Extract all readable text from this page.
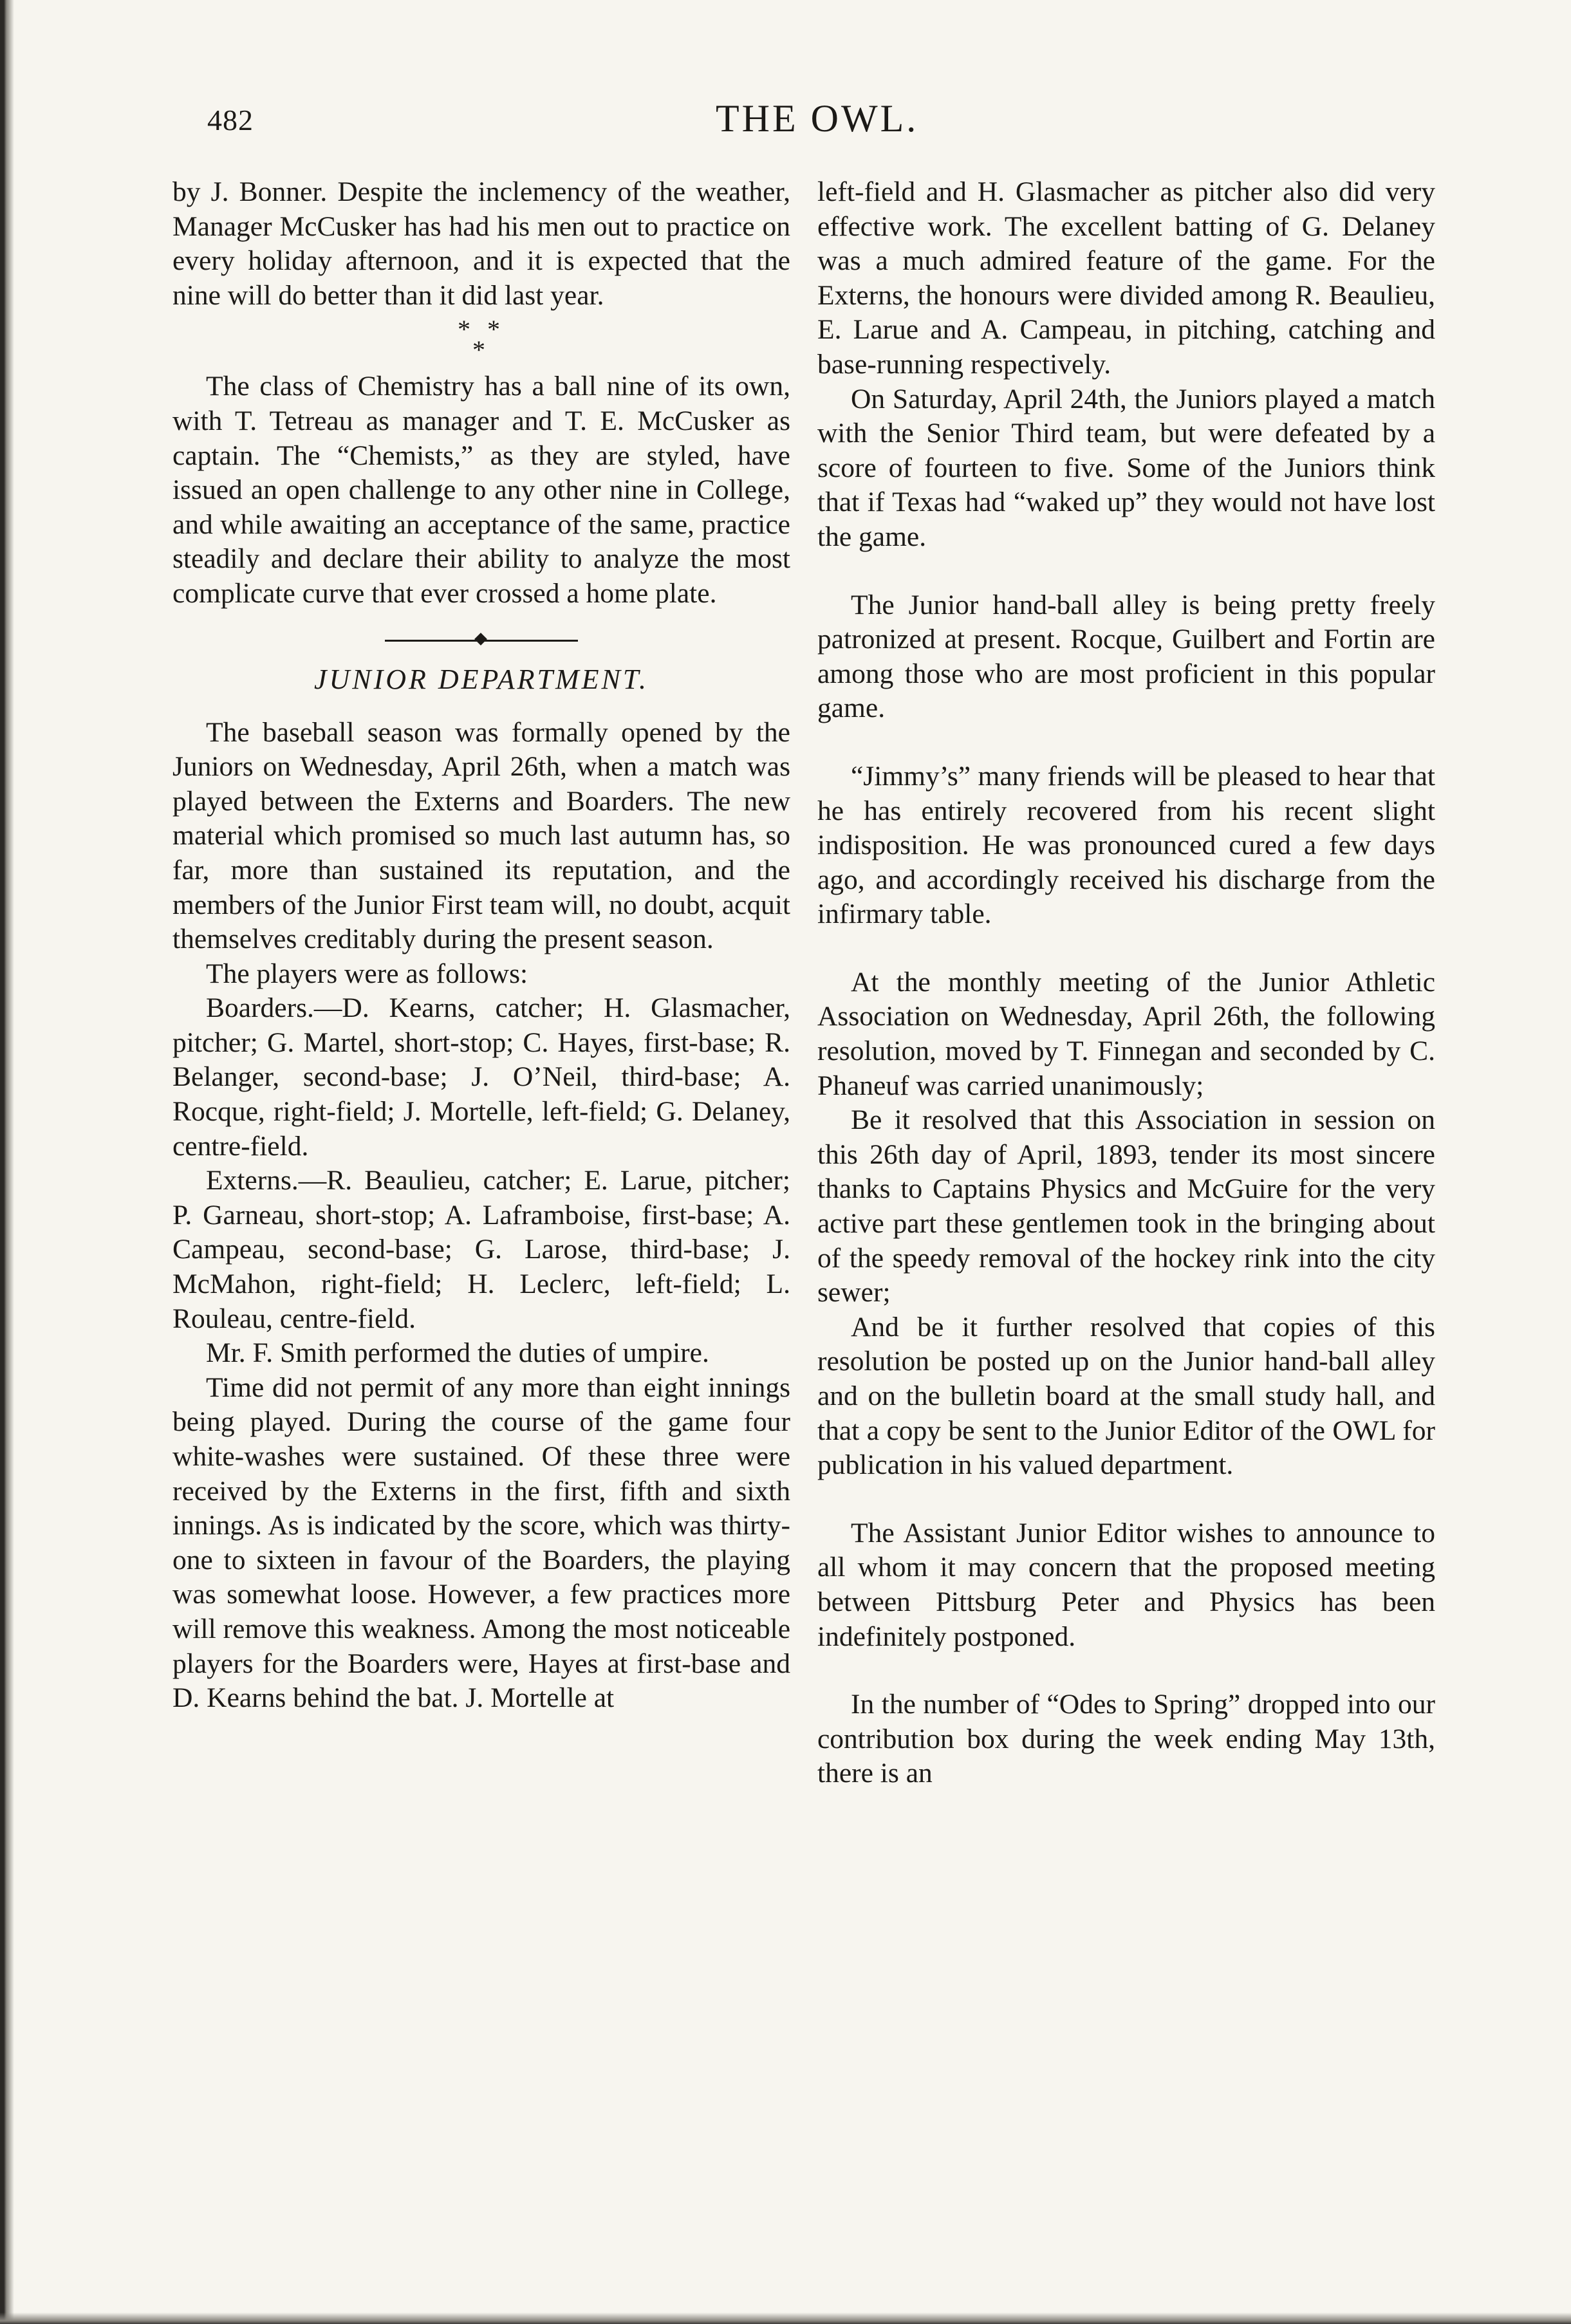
482	THE OWL.

by J. Bonner. Despite the inclemency of the weather, Manager McCusker has had his men out to practice on every holiday afternoon, and it is expected that the nine will do better than it did last year.

* *
*

The class of Chemistry has a ball nine of its own, with T. Tetreau as manager and T. E. McCusker as captain. The “Chemists,” as they are styled, have issued an open challenge to any other nine in College, and while awaiting an acceptance of the same, practice steadily and declare their ability to analyze the most complicate curve that ever crossed a home plate.

JUNIOR DEPARTMENT.

The baseball season was formally opened by the Juniors on Wednesday, April 26th, when a match was played between the Externs and Boarders. The new material which promised so much last autumn has, so far, more than sustained its reputation, and the members of the Junior First team will, no doubt, acquit themselves creditably during the present season.

The players were as follows:

Boarders.—D. Kearns, catcher; H. Glasmacher, pitcher; G. Martel, short-stop; C. Hayes, first-base; R. Belanger, second-base; J. O’Neil, third-base; A. Rocque, right-field; J. Mortelle, left-field; G. Delaney, centre-field.

Externs.—R. Beaulieu, catcher; E. Larue, pitcher; P. Garneau, short-stop; A. Laframboise, first-base; A. Campeau, second-base; G. Larose, third-base; J. McMahon, right-field; H. Leclerc, left-field; L. Rouleau, centre-field.

Mr. F. Smith performed the duties of umpire.

Time did not permit of any more than eight innings being played. During the course of the game four white-washes were sustained. Of these three were received by the Externs in the first, fifth and sixth innings. As is indicated by the score, which was thirty-one to sixteen in favour of the Boarders, the playing was somewhat loose. However, a few practices more will remove this weakness. Among the most noticeable players for the Boarders were, Hayes at first-base and D. Kearns behind the bat. J. Mortelle at

left-field and H. Glasmacher as pitcher also did very effective work. The excellent batting of G. Delaney was a much admired feature of the game. For the Externs, the honours were divided among R. Beaulieu, E. Larue and A. Campeau, in pitching, catching and base-running respectively.

On Saturday, April 24th, the Juniors played a match with the Senior Third team, but were defeated by a score of fourteen to five. Some of the Juniors think that if Texas had “waked up” they would not have lost the game.

The Junior hand-ball alley is being pretty freely patronized at present. Rocque, Guilbert and Fortin are among those who are most proficient in this popular game.

“Jimmy’s” many friends will be pleased to hear that he has entirely recovered from his recent slight indisposition. He was pronounced cured a few days ago, and accordingly received his discharge from the infirmary table.

At the monthly meeting of the Junior Athletic Association on Wednesday, April 26th, the following resolution, moved by T. Finnegan and seconded by C. Phaneuf was carried unanimously;

Be it resolved that this Association in session on this 26th day of April, 1893, tender its most sincere thanks to Captains Physics and McGuire for the very active part these gentlemen took in the bringing about of the speedy removal of the hockey rink into the city sewer;

And be it further resolved that copies of this resolution be posted up on the Junior hand-ball alley and on the bulletin board at the small study hall, and that a copy be sent to the Junior Editor of the OWL for publication in his valued department.

The Assistant Junior Editor wishes to announce to all whom it may concern that the proposed meeting between Pittsburg Peter and Physics has been indefinitely postponed.

In the number of “Odes to Spring” dropped into our contribution box during the week ending May 13th, there is an
